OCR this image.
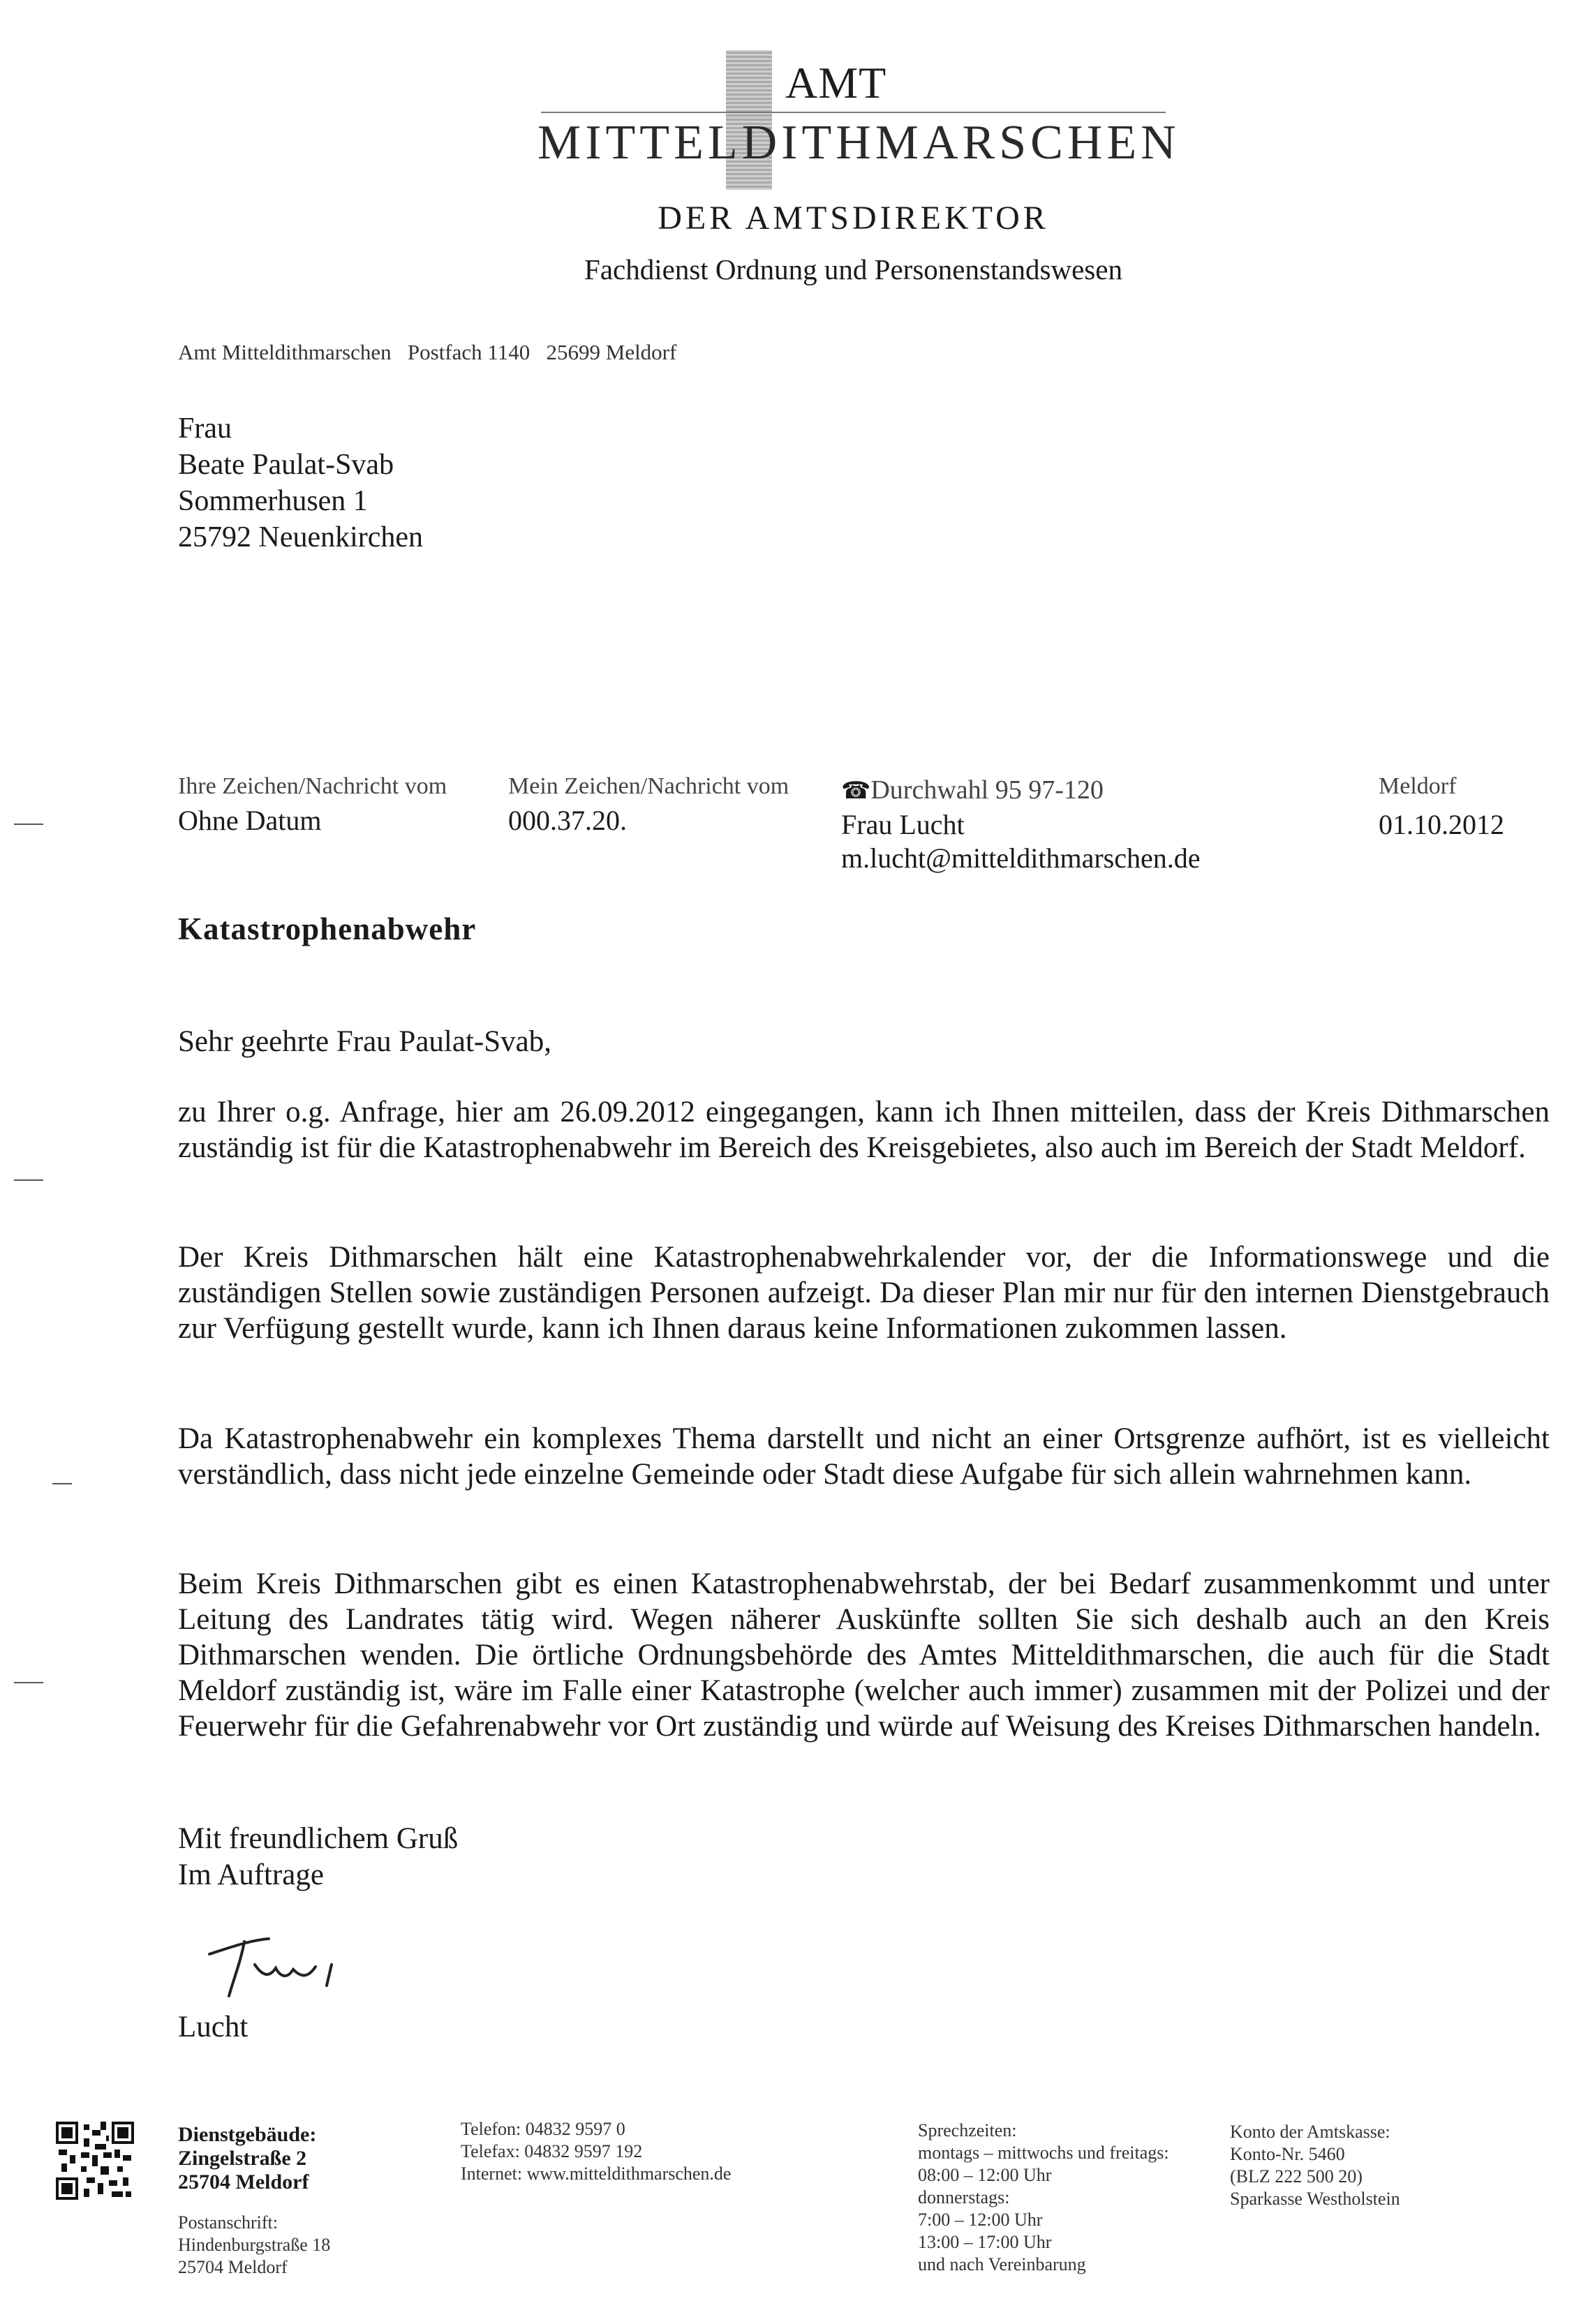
AMT
MITTELDITHMARSCHEN
DER AMTSDIREKTOR
Fachdienst Ordnung und Personenstandswesen
Amt Mitteldithmarschen   Postfach 1140   25699 Meldorf
Frau
Beate Paulat-Svab
Sommerhusen 1
25792 Neuenkirchen
Ihre Zeichen/Nachricht vom
Ohne Datum
Mein Zeichen/Nachricht vom
000.37.20.
☎Durchwahl 95 97-120
Frau Lucht
m.lucht@mitteldithmarschen.de
Meldorf
01.10.2012
Katastrophenabwehr
Sehr geehrte Frau Paulat-Svab,
zu Ihrer o.g. Anfrage, hier am 26.09.2012 eingegangen, kann ich Ihnen mitteilen, dass der Kreis Dithmarschen zuständig ist für die Katastrophenabwehr im Bereich des Kreisgebietes, also auch im Bereich der Stadt Meldorf.
Der Kreis Dithmarschen hält eine Katastrophenabwehrkalender vor, der die Informationswege und die zuständigen Stellen sowie zuständigen Personen aufzeigt. Da dieser Plan mir nur für den internen Dienstgebrauch zur Verfügung gestellt wurde, kann ich Ihnen daraus keine Informationen zukommen lassen.
Da Katastrophenabwehr ein komplexes Thema darstellt und nicht an einer Ortsgrenze aufhört, ist es vielleicht verständlich, dass nicht jede einzelne Gemeinde oder Stadt diese Aufgabe für sich allein wahrnehmen kann.
Beim Kreis Dithmarschen gibt es einen Katastrophenabwehrstab, der bei Bedarf zusammenkommt und unter Leitung des Landrates tätig wird. Wegen näherer Auskünfte sollten Sie sich deshalb auch an den Kreis Dithmarschen wenden. Die örtliche Ordnungsbehörde des Amtes Mitteldithmarschen, die auch für die Stadt Meldorf zuständig ist, wäre im Falle einer Katastrophe (welcher auch immer) zusammen mit der Polizei und der Feuerwehr für die Gefahrenabwehr vor Ort zuständig und würde auf Weisung des Kreises Dithmarschen handeln.
Mit freundlichem Gruß
Im Auftrage
Lucht
Dienstgebäude:
Zingelstraße 2
25704 Meldorf
Postanschrift:
Hindenburgstraße 18
25704 Meldorf
Telefon: 04832 9597 0
Telefax: 04832 9597 192
Internet: www.mitteldithmarschen.de
Sprechzeiten:
montags – mittwochs und freitags:
08:00 – 12:00 Uhr
donnerstags:
7:00 – 12:00 Uhr
13:00 – 17:00 Uhr
und nach Vereinbarung
Konto der Amtskasse:
Konto-Nr. 5460
(BLZ 222 500 20)
Sparkasse Westholstein
